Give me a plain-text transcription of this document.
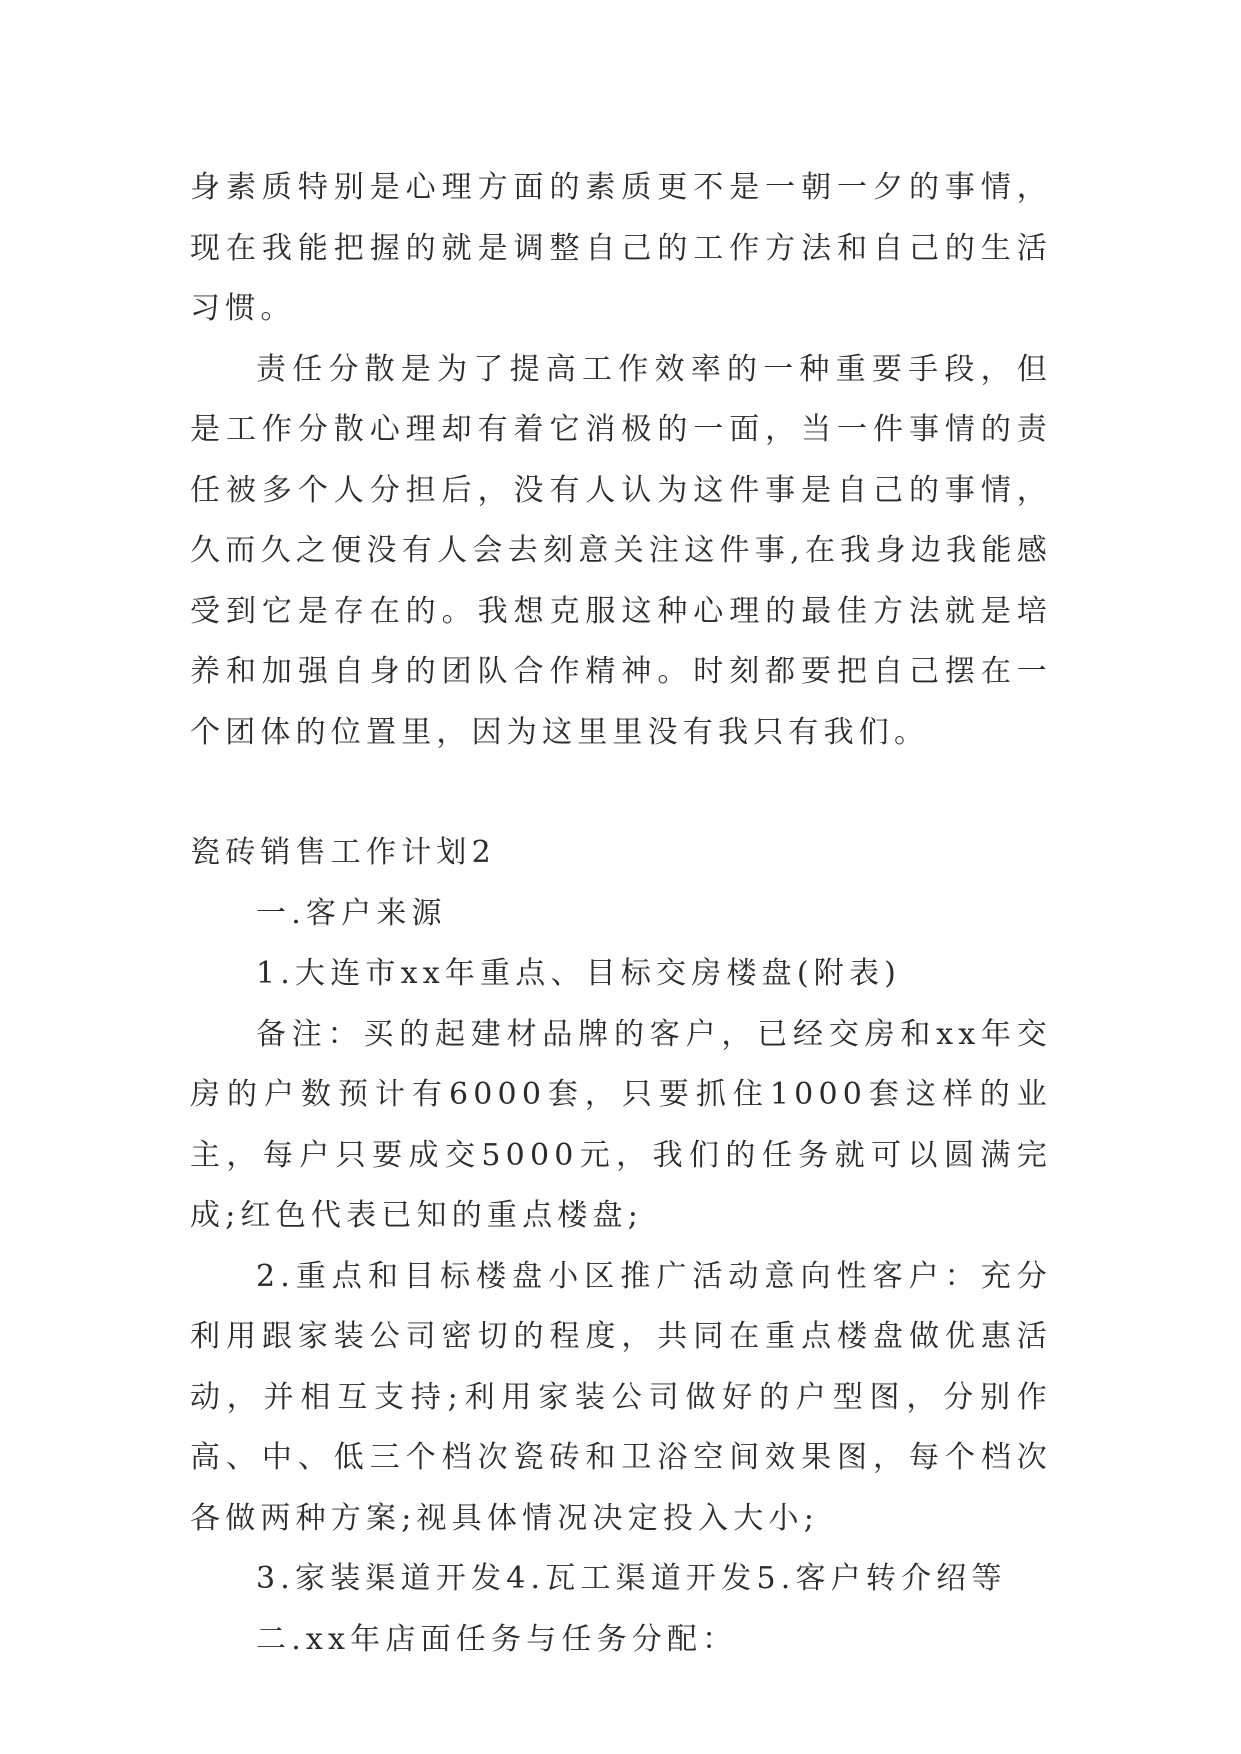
身素质特别是心理方面的素质更不是一朝一夕的事情，现在我能把握的就是调整自己的工作方法和自己的生活习惯。

责任分散是为了提高工作效率的一种重要手段，但是工作分散心理却有着它消极的一面，当一件事情的责任被多个人分担后，没有人认为这件事是自己的事情，久而久之便没有人会去刻意关注这件事,在我身边我能感受到它是存在的。我想克服这种心理的最佳方法就是培养和加强自身的团队合作精神。时刻都要把自己摆在一个团体的位置里，因为这里里没有我只有我们。

瓷砖销售工作计划2

一.客户来源

1.大连市xx年重点、目标交房楼盘(附表)

备注：买的起建材品牌的客户，已经交房和xx年交房的户数预计有6000套，只要抓住1000套这样的业主，每户只要成交5000元，我们的任务就可以圆满完成;红色代表已知的重点楼盘;

2.重点和目标楼盘小区推广活动意向性客户：充分利用跟家装公司密切的程度，共同在重点楼盘做优惠活动，并相互支持;利用家装公司做好的户型图，分别作高、中、低三个档次瓷砖和卫浴空间效果图，每个档次各做两种方案;视具体情况决定投入大小;

3.家装渠道开发4.瓦工渠道开发5.客户转介绍等

二.xx年店面任务与任务分配：
